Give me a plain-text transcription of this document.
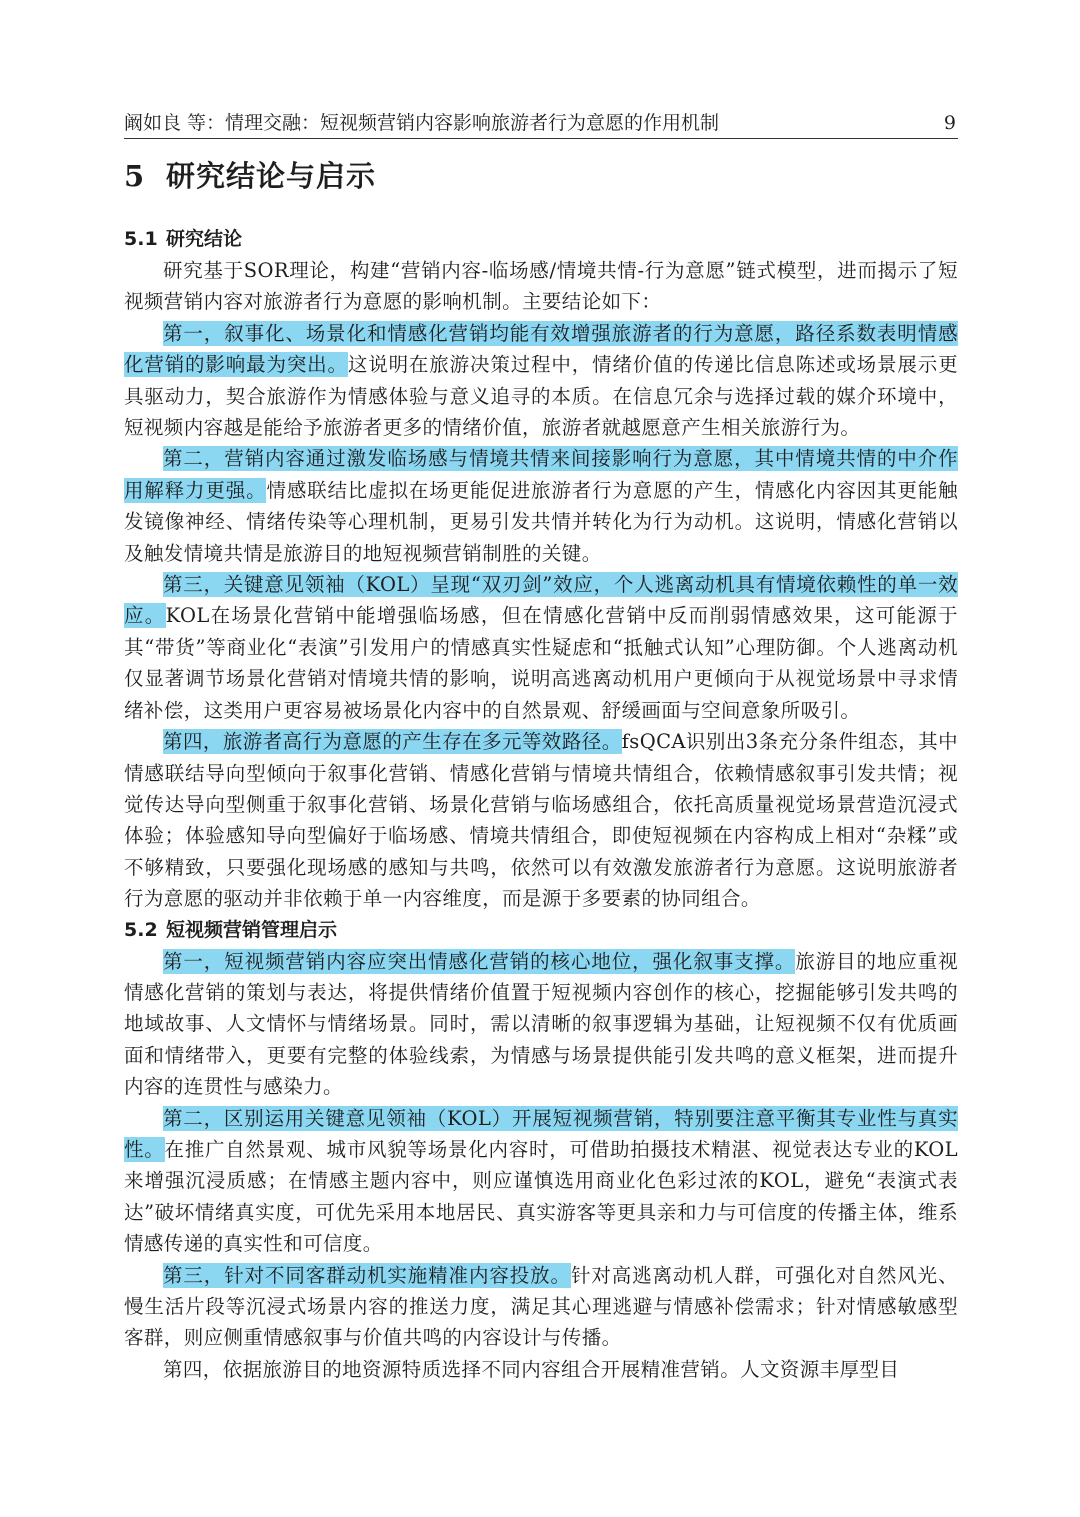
阚如良 等：情理交融：短视频营销内容影响旅游者行为意愿的作用机制	9
5 研究结论与启示
5.1 研究结论

研究基于SOR理论，构建“营销内容-临场感/情境共情-行为意愿”链式模型，进而揭示了短视频营销内容对旅游者行为意愿的影响机制。主要结论如下：

第一，叙事化、场景化和情感化营销均能有效增强旅游者的行为意愿，路径系数表明情感化营销的影响最为突出。这说明在旅游决策过程中，情绪价值的传递比信息陈述或场景展示更具驱动力，契合旅游作为情感体验与意义追寻的本质。在信息冗余与选择过载的媒介环境中，短视频内容越是能给予旅游者更多的情绪价值，旅游者就越愿意产生相关旅游行为。

第二，营销内容通过激发临场感与情境共情来间接影响行为意愿，其中情境共情的中介作用解释力更强。情感联结比虚拟在场更能促进旅游者行为意愿的产生，情感化内容因其更能触发镜像神经、情绪传染等心理机制，更易引发共情并转化为行为动机。这说明，情感化营销以及触发情境共情是旅游目的地短视频营销制胜的关键。

第三，关键意见领袖（KOL）呈现“双刃剑”效应，个人逃离动机具有情境依赖性的单一效应。KOL在场景化营销中能增强临场感，但在情感化营销中反而削弱情感效果，这可能源于其“带货”等商业化“表演”引发用户的情感真实性疑虑和“抵触式认知”心理防御。个人逃离动机仅显著调节场景化营销对情境共情的影响，说明高逃离动机用户更倾向于从视觉场景中寻求情绪补偿，这类用户更容易被场景化内容中的自然景观、舒缓画面与空间意象所吸引。

第四，旅游者高行为意愿的产生存在多元等效路径。fsQCA识别出3条充分条件组态，其中情感联结导向型倾向于叙事化营销、情感化营销与情境共情组合，依赖情感叙事引发共情；视觉传达导向型侧重于叙事化营销、场景化营销与临场感组合，依托高质量视觉场景营造沉浸式体验；体验感知导向型偏好于临场感、情境共情组合，即使短视频在内容构成上相对“杂糅”或不够精致，只要强化现场感的感知与共鸣，依然可以有效激发旅游者行为意愿。这说明旅游者行为意愿的驱动并非依赖于单一内容维度，而是源于多要素的协同组合。

5.2 短视频营销管理启示

第一，短视频营销内容应突出情感化营销的核心地位，强化叙事支撑。旅游目的地应重视情感化营销的策划与表达，将提供情绪价值置于短视频内容创作的核心，挖掘能够引发共鸣的地域故事、人文情怀与情绪场景。同时，需以清晰的叙事逻辑为基础，让短视频不仅有优质画面和情绪带入，更要有完整的体验线索，为情感与场景提供能引发共鸣的意义框架，进而提升内容的连贯性与感染力。

第二，区别运用关键意见领袖（KOL）开展短视频营销，特别要注意平衡其专业性与真实性。在推广自然景观、城市风貌等场景化内容时，可借助拍摄技术精湛、视觉表达专业的KOL来增强沉浸质感；在情感主题内容中，则应谨慎选用商业化色彩过浓的KOL，避免“表演式表达”破坏情绪真实度，可优先采用本地居民、真实游客等更具亲和力与可信度的传播主体，维系情感传递的真实性和可信度。

第三，针对不同客群动机实施精准内容投放。针对高逃离动机人群，可强化对自然风光、慢生活片段等沉浸式场景内容的推送力度，满足其心理逃避与情感补偿需求；针对情感敏感型客群，则应侧重情感叙事与价值共鸣的内容设计与传播。

第四，依据旅游目的地资源特质选择不同内容组合开展精准营销。人文资源丰厚型目
